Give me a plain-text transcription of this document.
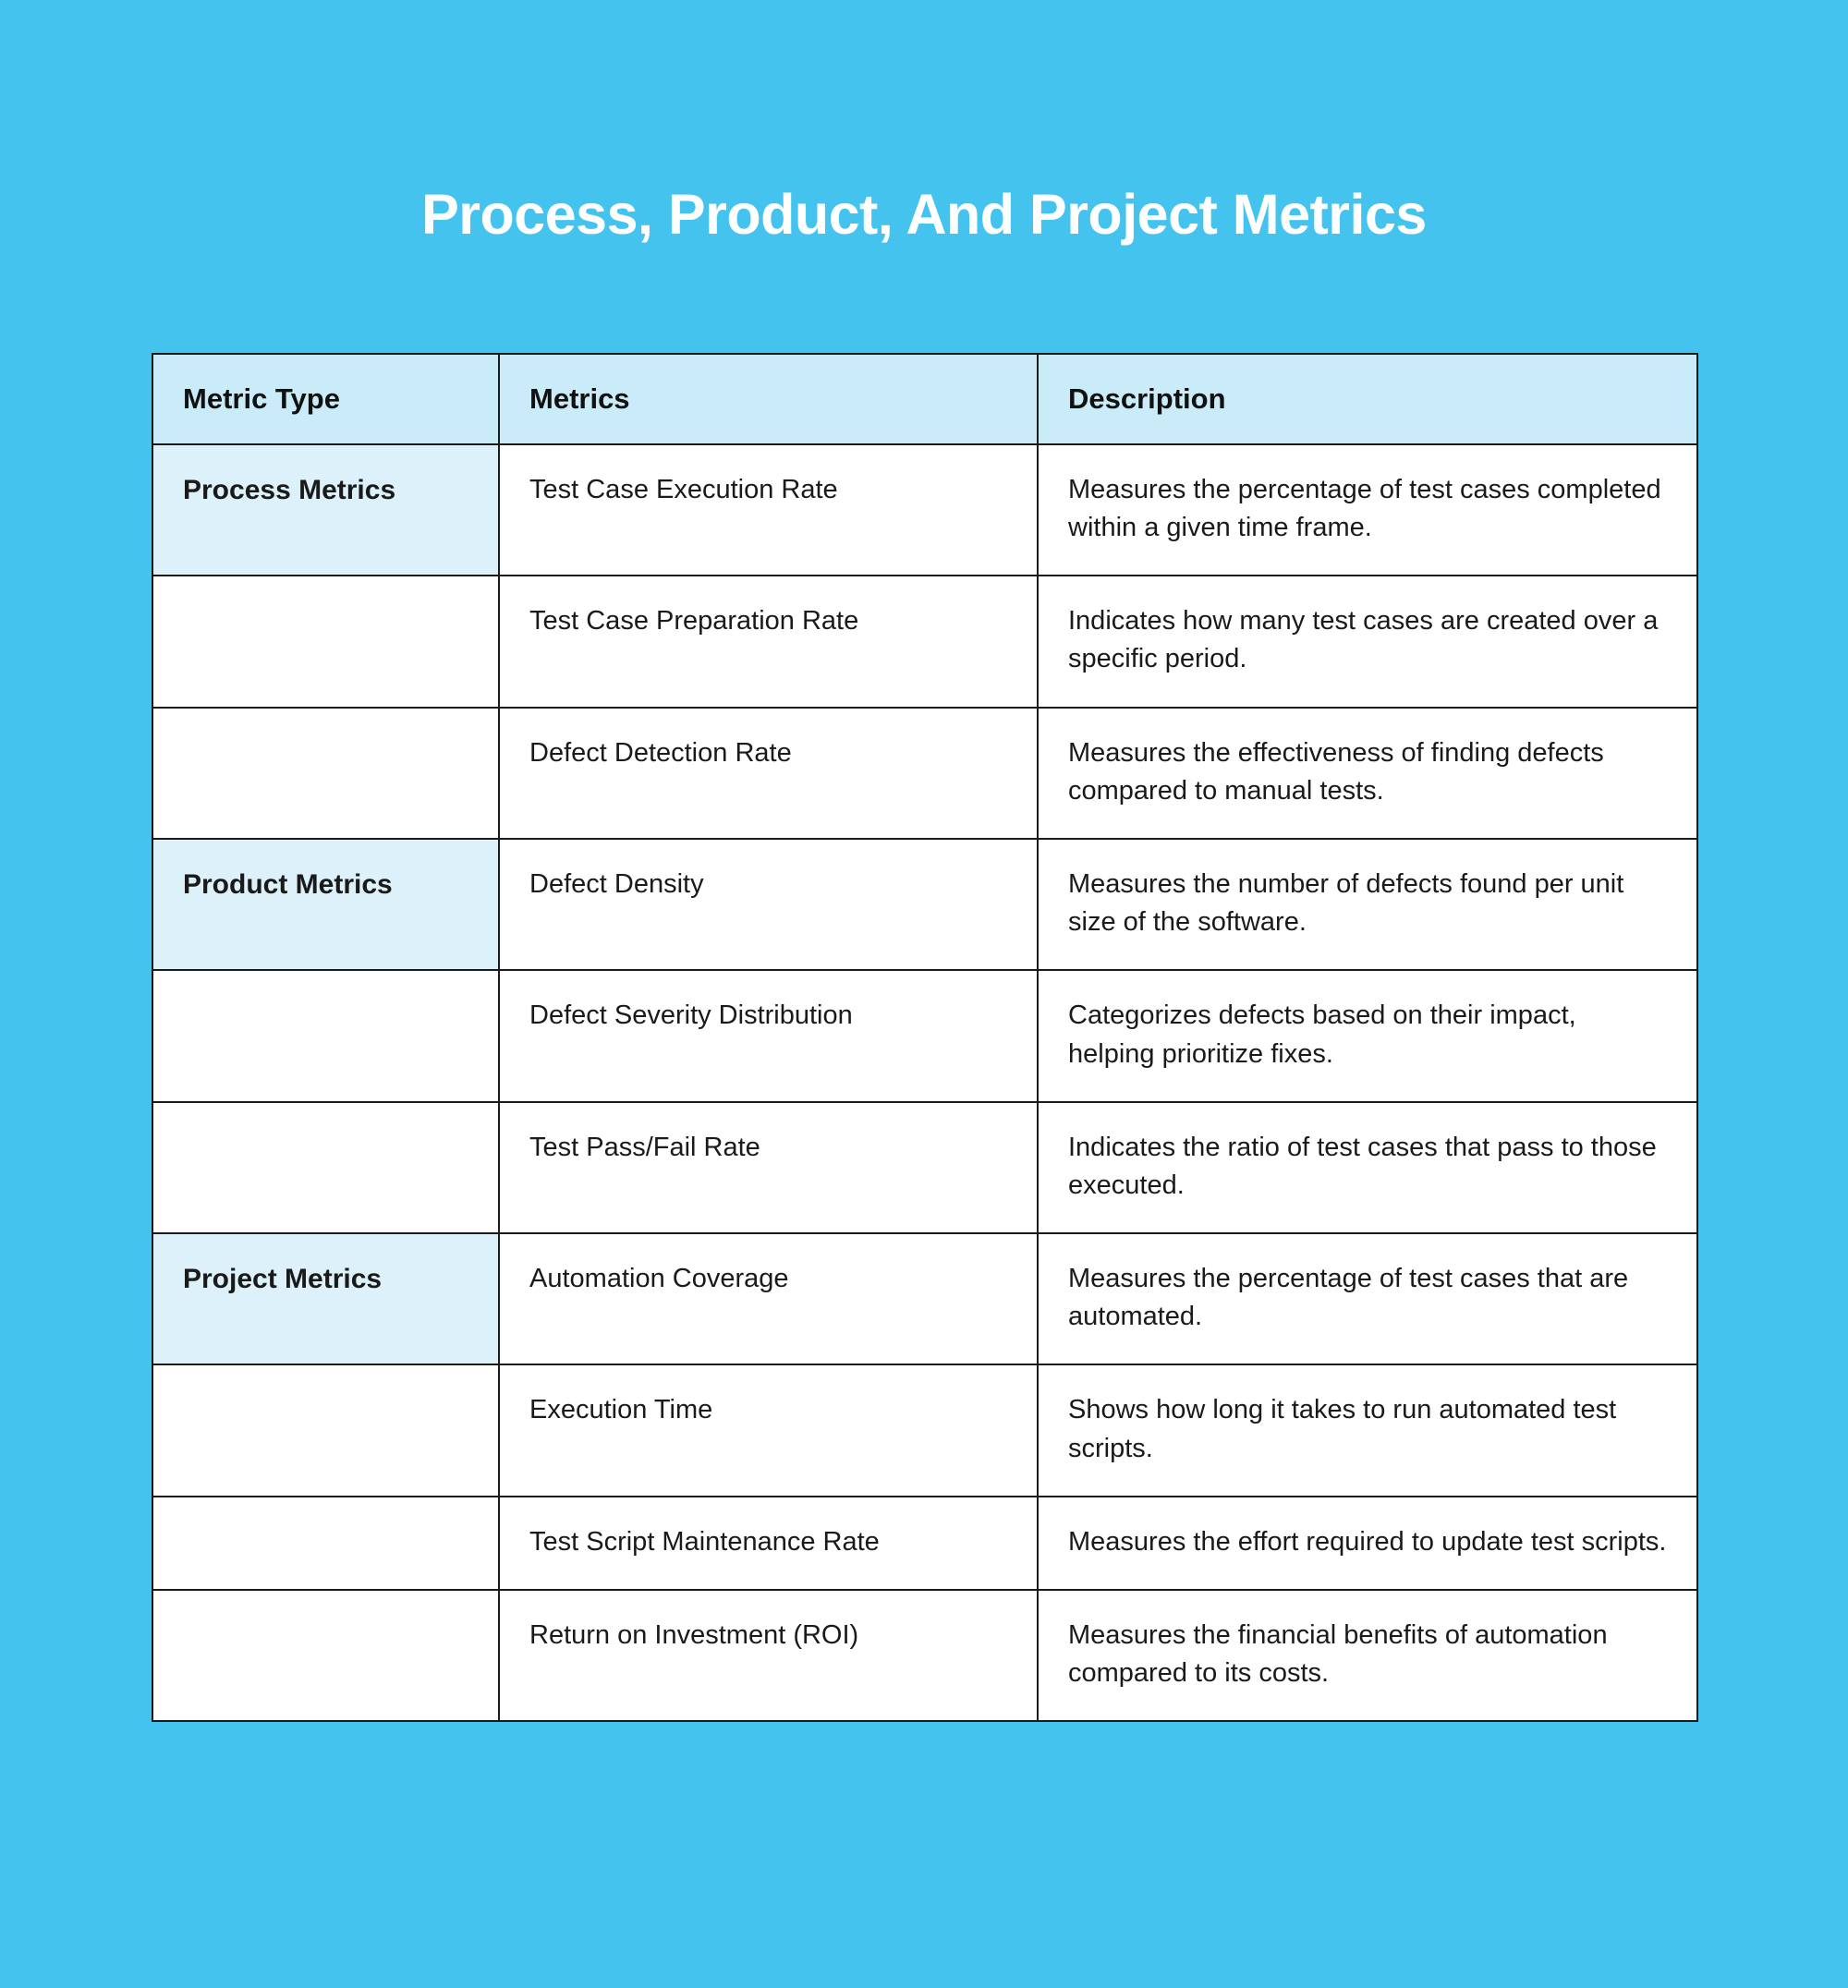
Process, Product, And Project Metrics
Metric Type	Metrics	Description
Process Metrics	Test Case Execution Rate	Measures the percentage of test cases completed within a given time frame.
	Test Case Preparation Rate	Indicates how many test cases are created over a specific period.
	Defect Detection Rate	Measures the effectiveness of finding defects compared to manual tests.
Product Metrics	Defect Density	Measures the number of defects found per unit size of the software.
	Defect Severity Distribution	Categorizes defects based on their impact, helping prioritize fixes.
	Test Pass/Fail Rate	Indicates the ratio of test cases that pass to those executed.
Project Metrics	Automation Coverage	Measures the percentage of test cases that are automated.
	Execution Time	Shows how long it takes to run automated test scripts.
	Test Script Maintenance Rate	Measures the effort required to update test scripts.
	Return on Investment (ROI)	Measures the financial benefits of automation compared to its costs.
